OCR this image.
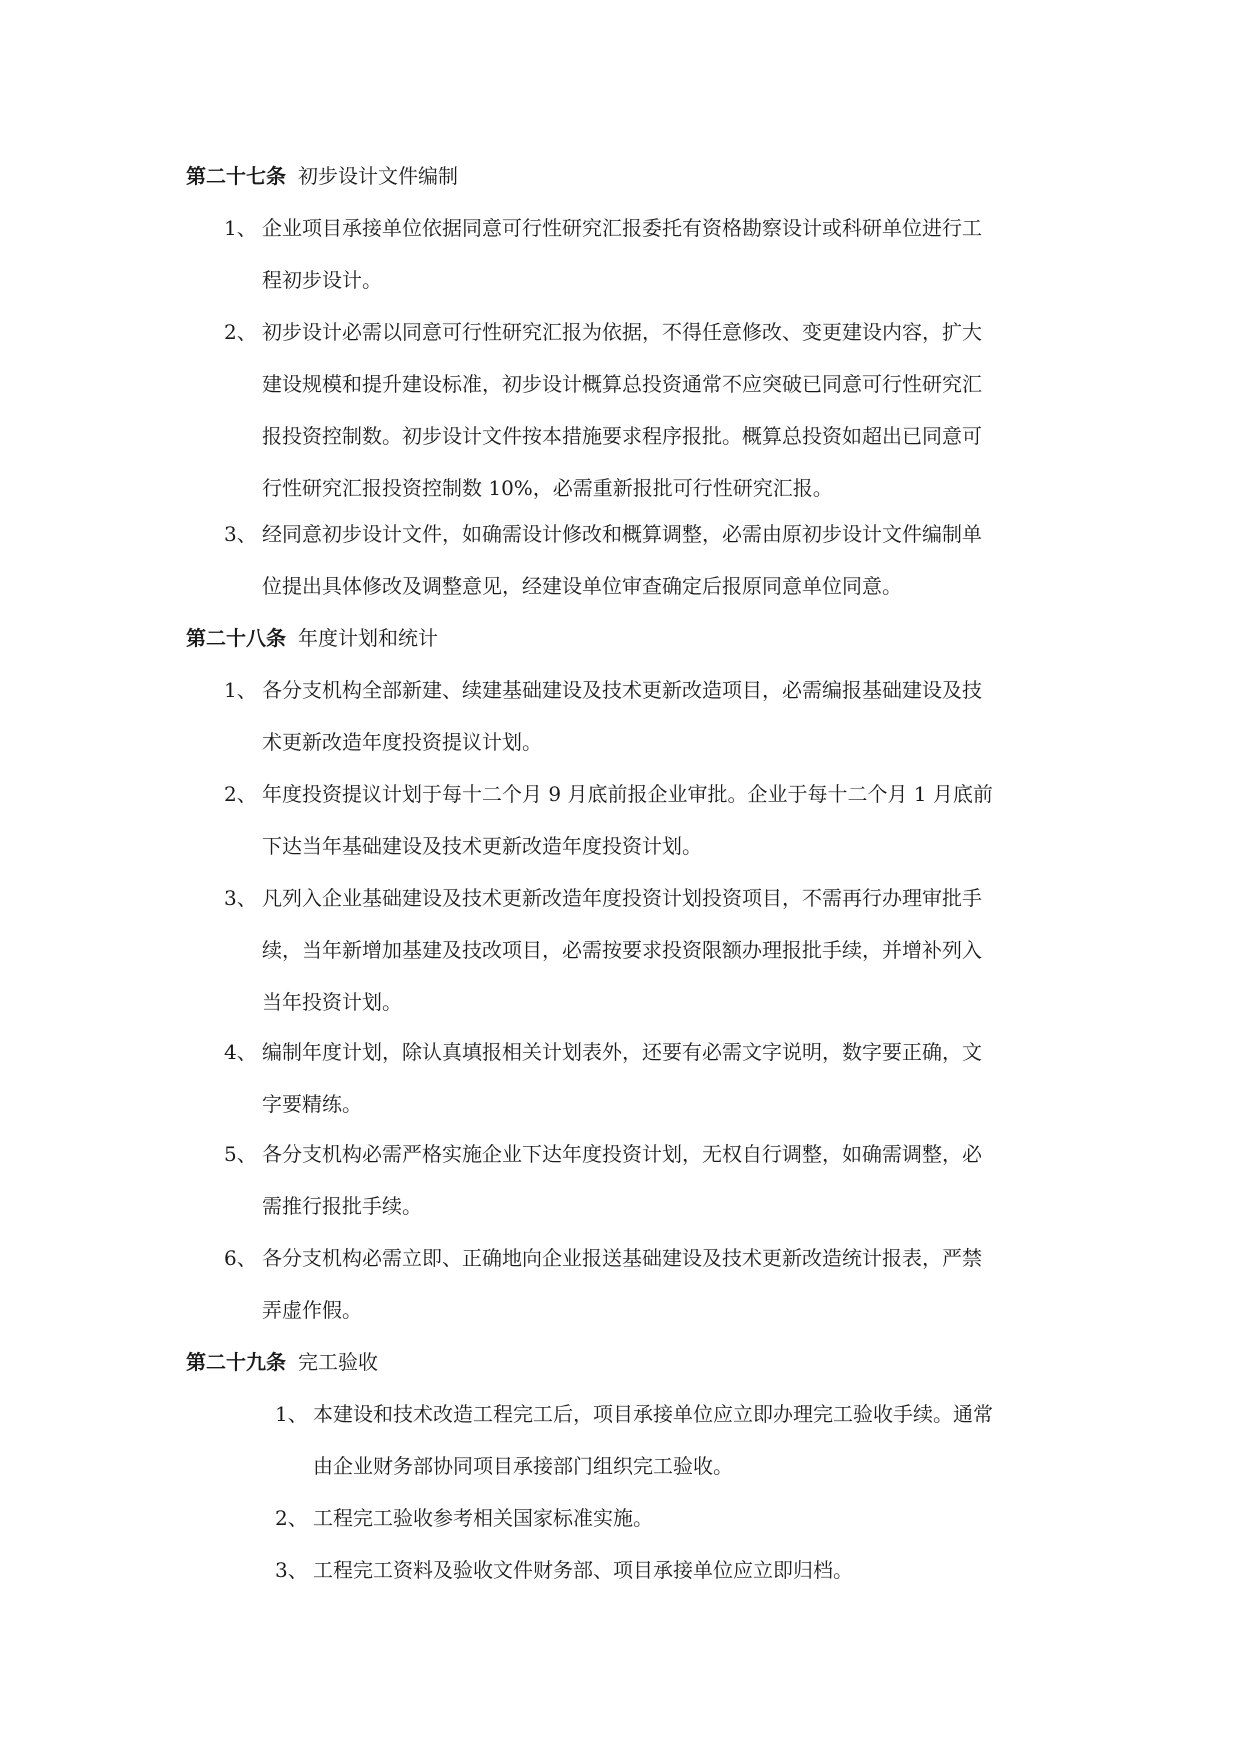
第二十七条 初步设计文件编制
1、 企业项目承接单位依据同意可行性研究汇报委托有资格勘察设计或科研单位进行工
程初步设计。
2、 初步设计必需以同意可行性研究汇报为依据，不得任意修改、变更建设内容，扩大
建设规模和提升建设标准，初步设计概算总投资通常不应突破已同意可行性研究汇
报投资控制数。初步设计文件按本措施要求程序报批。概算总投资如超出已同意可
行性研究汇报投资控制数 10%，必需重新报批可行性研究汇报。
3、 经同意初步设计文件，如确需设计修改和概算调整，必需由原初步设计文件编制单
位提出具体修改及调整意见，经建设单位审查确定后报原同意单位同意。
第二十八条 年度计划和统计
1、 各分支机构全部新建、续建基础建设及技术更新改造项目，必需编报基础建设及技
术更新改造年度投资提议计划。
2、 年度投资提议计划于每十二个月 9 月底前报企业审批。企业于每十二个月 1 月底前
下达当年基础建设及技术更新改造年度投资计划。
3、 凡列入企业基础建设及技术更新改造年度投资计划投资项目，不需再行办理审批手
续，当年新增加基建及技改项目，必需按要求投资限额办理报批手续，并增补列入
当年投资计划。
4、 编制年度计划，除认真填报相关计划表外，还要有必需文字说明，数字要正确，文
字要精练。
5、 各分支机构必需严格实施企业下达年度投资计划，无权自行调整，如确需调整，必
需推行报批手续。
6、 各分支机构必需立即、正确地向企业报送基础建设及技术更新改造统计报表，严禁
弄虚作假。
第二十九条 完工验收
1、 本建设和技术改造工程完工后，项目承接单位应立即办理完工验收手续。通常
由企业财务部协同项目承接部门组织完工验收。
2、 工程完工验收参考相关国家标准实施。
3、 工程完工资料及验收文件财务部、项目承接单位应立即归档。
